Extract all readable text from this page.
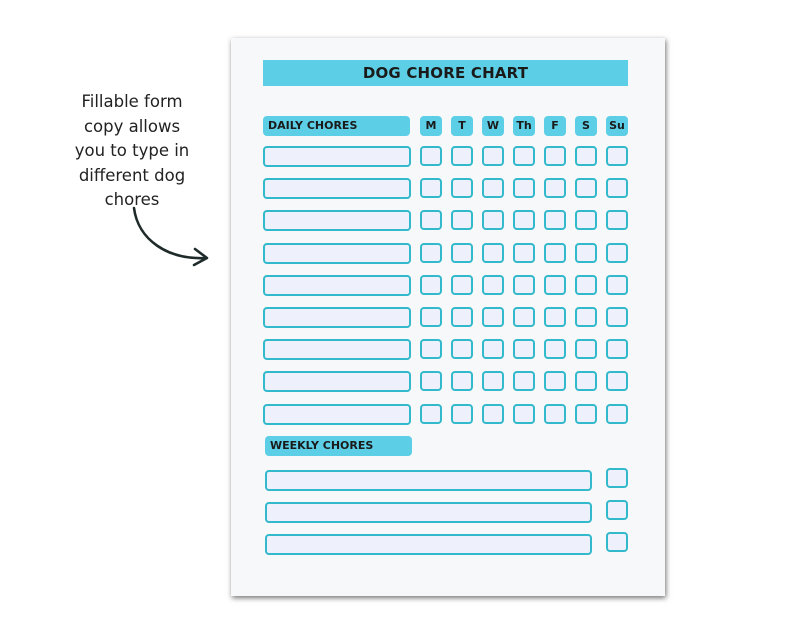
Fillable form
copy allows
you to type in
different dog
chores
DOG CHORE CHART
DAILY CHORES	M	T	W	Th	F	S	Su
WEEKLY CHORES
